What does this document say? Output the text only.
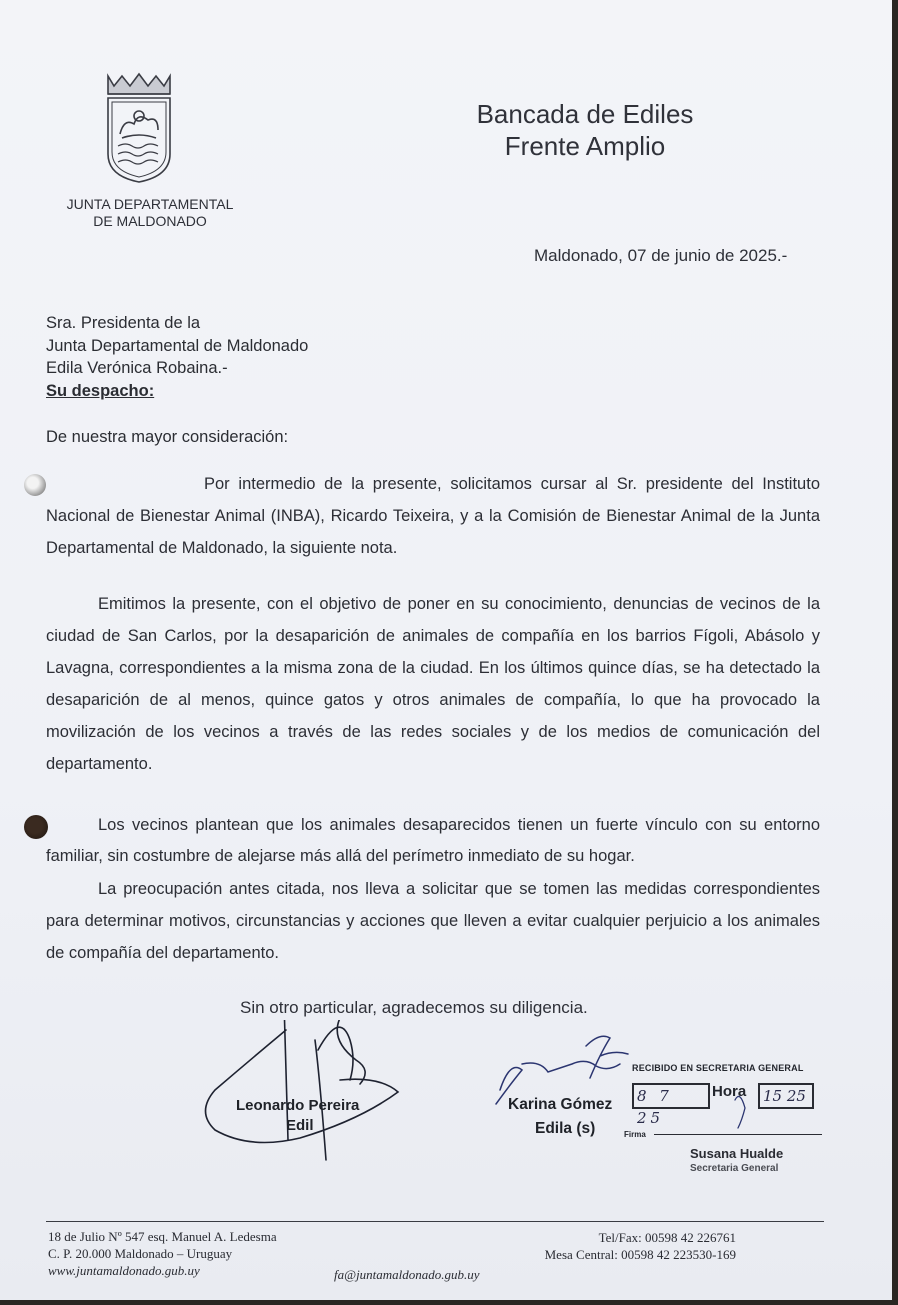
JUNTA DEPARTAMENTAL
DE MALDONADO
Bancada de Ediles
Frente Amplio
Maldonado, 07 de junio de 2025.-
Sra. Presidenta de la
Junta Departamental de Maldonado
Edila Verónica Robaina.-
Su despacho:
De nuestra mayor consideración:
Por intermedio de la presente, solicitamos cursar al Sr. presidente del Instituto Nacional de Bienestar Animal (INBA), Ricardo Teixeira, y a la Comisión de Bienestar Animal de la Junta Departamental de Maldonado, la siguiente nota.
Emitimos la presente, con el objetivo de poner en su conocimiento, denuncias de vecinos de la ciudad de San Carlos, por la desaparición de animales de compañía en los barrios Fígoli, Abásolo y Lavagna, correspondientes a la misma zona de la ciudad. En los últimos quince días, se ha detectado la desaparición de al menos, quince gatos y otros animales de compañía, lo que ha provocado la movilización de los vecinos a través de las redes sociales y de los medios de comunicación del departamento.
Los vecinos plantean que los animales desaparecidos tienen un fuerte vínculo con su entorno familiar, sin costumbre de alejarse más allá del perímetro inmediato de su hogar.
La preocupación antes citada, nos lleva a solicitar que se tomen las medidas correspondientes para determinar motivos, circunstancias y acciones que lleven a evitar cualquier perjuicio a los animales de compañía del departamento.
Sin otro particular, agradecemos su diligencia.
Leonardo Pereira
Edil
Karina Gómez
Edila (s)
RECIBIDO EN SECRETARIA GENERAL
8 7 25
Hora	15 25
Firma
Susana Hualde
Secretaria General
18 de Julio Nº 547 esq. Manuel A. Ledesma
C. P. 20.000 Maldonado – Uruguay
www.juntamaldonado.gub.uy	fa@juntamaldonado.gub.uy
Tel/Fax: 00598 42 226761
Mesa Central: 00598 42 223530-169
